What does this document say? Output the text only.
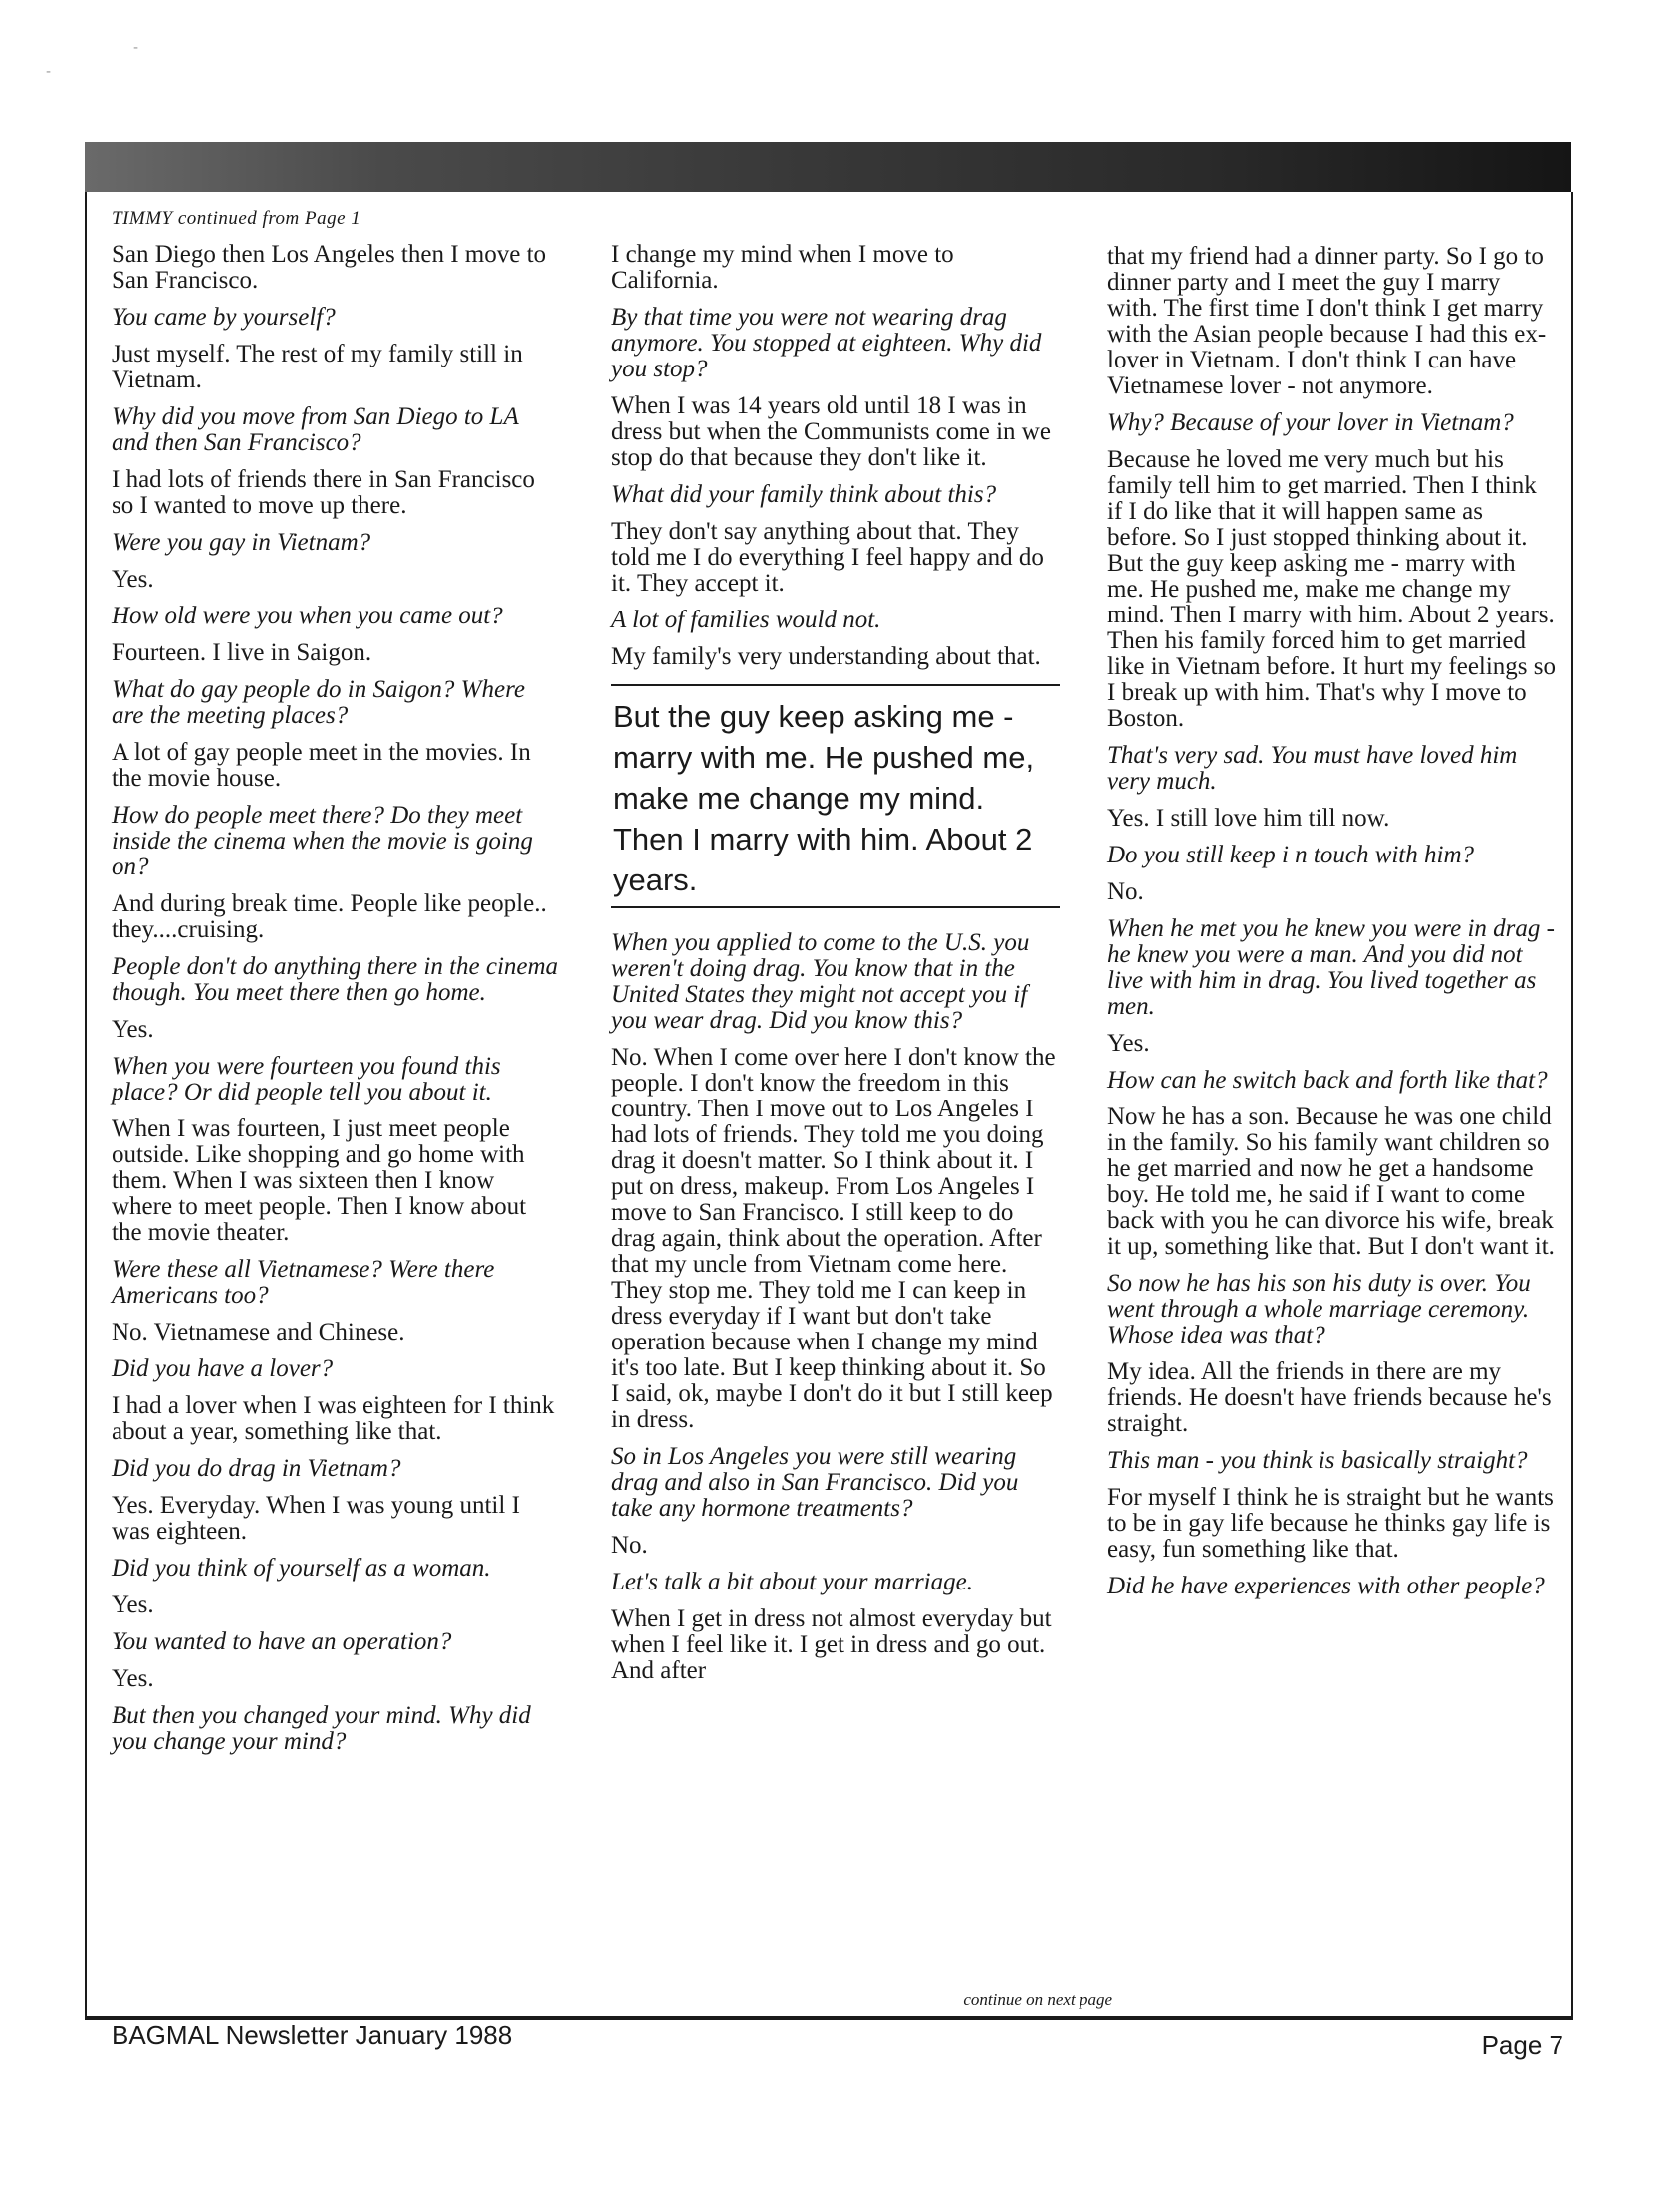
-
-
TIMMY continued from Page 1

San Diego then Los Angeles then I move to San Francisco.

You came by yourself?

Just myself. The rest of my family still in Vietnam.

Why did you move from San Diego to LA and then San Francisco?

I had lots of friends there in San Francisco so I wanted to move up there.

Were you gay in Vietnam?

Yes.

How old were you when you came out?

Fourteen. I live in Saigon.

What do gay people do in Saigon? Where are the meeting places?

A lot of gay people meet in the movies. In the movie house.

How do people meet there? Do they meet inside the cinema when the movie is going on?

And during break time. People like people.. they....cruising.

People don't do anything there in the cinema though. You meet there then go home.

Yes.

When you were fourteen you found this place? Or did people tell you about it.

When I was fourteen, I just meet people outside. Like shopping and go home with them. When I was sixteen then I know where to meet people. Then I know about the movie theater.

Were these all Vietnamese? Were there Americans too?

No. Vietnamese and Chinese.

Did you have a lover?

I had a lover when I was eighteen for I think about a year, something like that.

Did you do drag in Vietnam?

Yes. Everyday. When I was young until I was eighteen.

Did you think of yourself as a woman.

Yes.

You wanted to have an operation?

Yes.

But then you changed your mind. Why did you change your mind?

I change my mind when I move to California.

By that time you were not wearing drag anymore. You stopped at eighteen. Why did you stop?

When I was 14 years old until 18 I was in dress but when the Communists come in we stop do that because they don't like it.

What did your family think about this?

They don't say anything about that. They told me I do everything I feel happy and do it. They accept it.

A lot of families would not.

My family's very understanding about that.

But the guy keep asking me - marry with me. He pushed me, make me change my mind. Then I marry with him. About 2 years.

When you applied to come to the U.S. you weren't doing drag. You know that in the United States they might not accept you if you wear drag. Did you know this?

No. When I come over here I don't know the people. I don't know the freedom in this country. Then I move out to Los Angeles I had lots of friends. They told me you doing drag it doesn't matter. So I think about it. I put on dress, makeup. From Los Angeles I move to San Francisco. I still keep to do drag again, think about the operation. After that my uncle from Vietnam come here. They stop me. They told me I can keep in dress everyday if I want but don't take operation because when I change my mind it's too late. But I keep thinking about it. So I said, ok, maybe I don't do it but I still keep in dress.

So in Los Angeles you were still wearing drag and also in San Francisco. Did you take any hormone treatments?

No.

Let's talk a bit about your marriage.

When I get in dress not almost everyday but when I feel like it. I get in dress and go out. And after

that my friend had a dinner party. So I go to dinner party and I meet the guy I marry with. The first time I don't think I get marry with the Asian people because I had this ex-lover in Vietnam. I don't think I can have Vietnamese lover - not anymore.

Why? Because of your lover in Vietnam?

Because he loved me very much but his family tell him to get married. Then I think if I do like that it will happen same as before. So I just stopped thinking about it. But the guy keep asking me - marry with me. He pushed me, make me change my mind. Then I marry with him. About 2 years. Then his family forced him to get married like in Vietnam before. It hurt my feelings so I break up with him. That's why I move to Boston.

That's very sad. You must have loved him very much.

Yes. I still love him till now.

Do you still keep i n touch with him?

No.

When he met you he knew you were in drag - he knew you were a man. And you did not live with him in drag. You lived together as men.

Yes.

How can he switch back and forth like that?

Now he has a son. Because he was one child in the family. So his family want children so he get married and now he get a handsome boy. He told me, he said if I want to come back with you he can divorce his wife, break it up, something like that. But I don't want it.

So now he has his son his duty is over. You went through a whole marriage ceremony. Whose idea was that?

My idea. All the friends in there are my friends. He doesn't have friends because he's straight.

This man - you think is basically straight?

For myself I think he is straight but he wants to be in gay life because he thinks gay life is easy, fun something like that.

Did he have experiences with other people?

continue on next page
BAGMAL Newsletter January 1988	Page 7
